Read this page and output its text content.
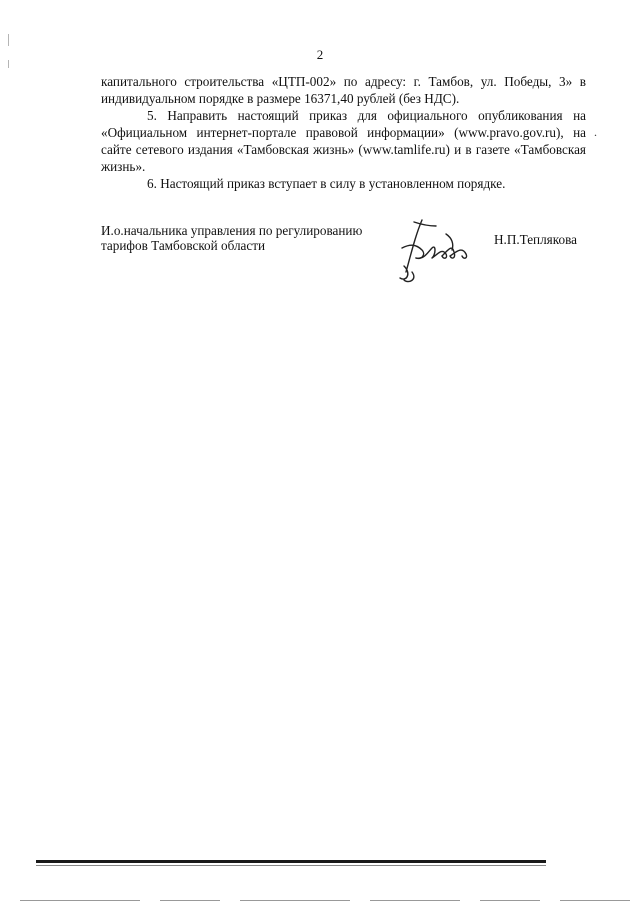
2

капитального строительства «ЦТП-002» по адресу: г. Тамбов, ул. Победы, 3» в индивидуальном порядке в размере 16371,40 рублей (без НДС).

5. Направить настоящий приказ для официального опубликования на «Официальном интернет-портале правовой информации» (www.pravo.gov.ru), на сайте сетевого издания «Тамбовская жизнь» (www.tamlife.ru) и в газете «Тамбовская жизнь».

6. Настоящий приказ вступает в силу в установленном порядке.

.
И.о.начальника управления по регулированию
тарифов Тамбовской области	Н.П.Теплякова
